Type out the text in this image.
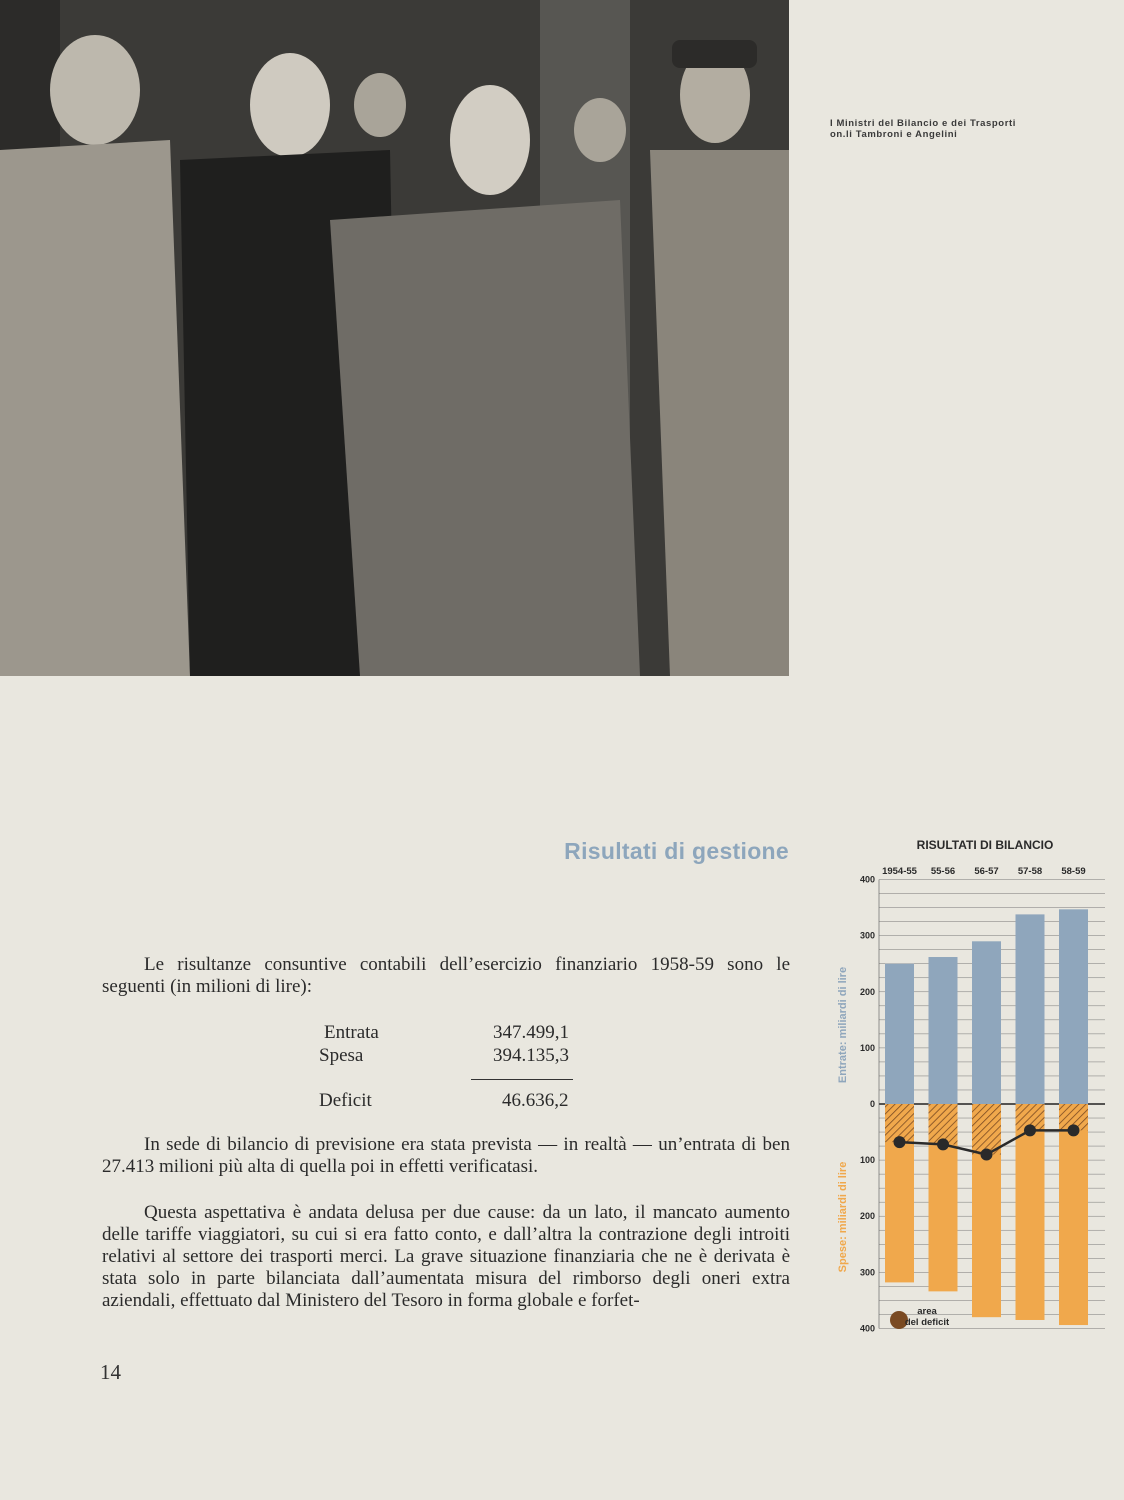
I Ministri del Bilancio e dei Trasporti
on.li Tambroni e Angelini
Risultati di gestione
Le risultanze consuntive contabili dell’esercizio finanziario 1958-59 sono le seguenti (in milioni di lire):
Entrata	347.499,1
Spesa	394.135,3
Deficit	46.636,2
In sede di bilancio di previsione era stata prevista — in realtà — un’entrata di ben 27.413 milioni più alta di quella poi in effetti verificatasi.
Questa aspettativa è andata delusa per due cause: da un lato, il mancato aumento delle tariffe viaggiatori, su cui si era fatto conto, e dall’altra la contrazione degli introiti relativi al settore dei trasporti merci. La grave situazione finanziaria che ne è derivata è stata solo in parte bilanciata dall’aumentata misura del rimborso degli oneri extra aziendali, effettuato dal Ministero del Tesoro in forma globale e forfet-
14
RISULTATI DI BILANCIO
1954-55 55-56 56-57 57-58 58-59
400
300
200
100
0
100
200
300
400
Entrate: miliardi di lire
Spese: miliardi di lire
area
del deficit
